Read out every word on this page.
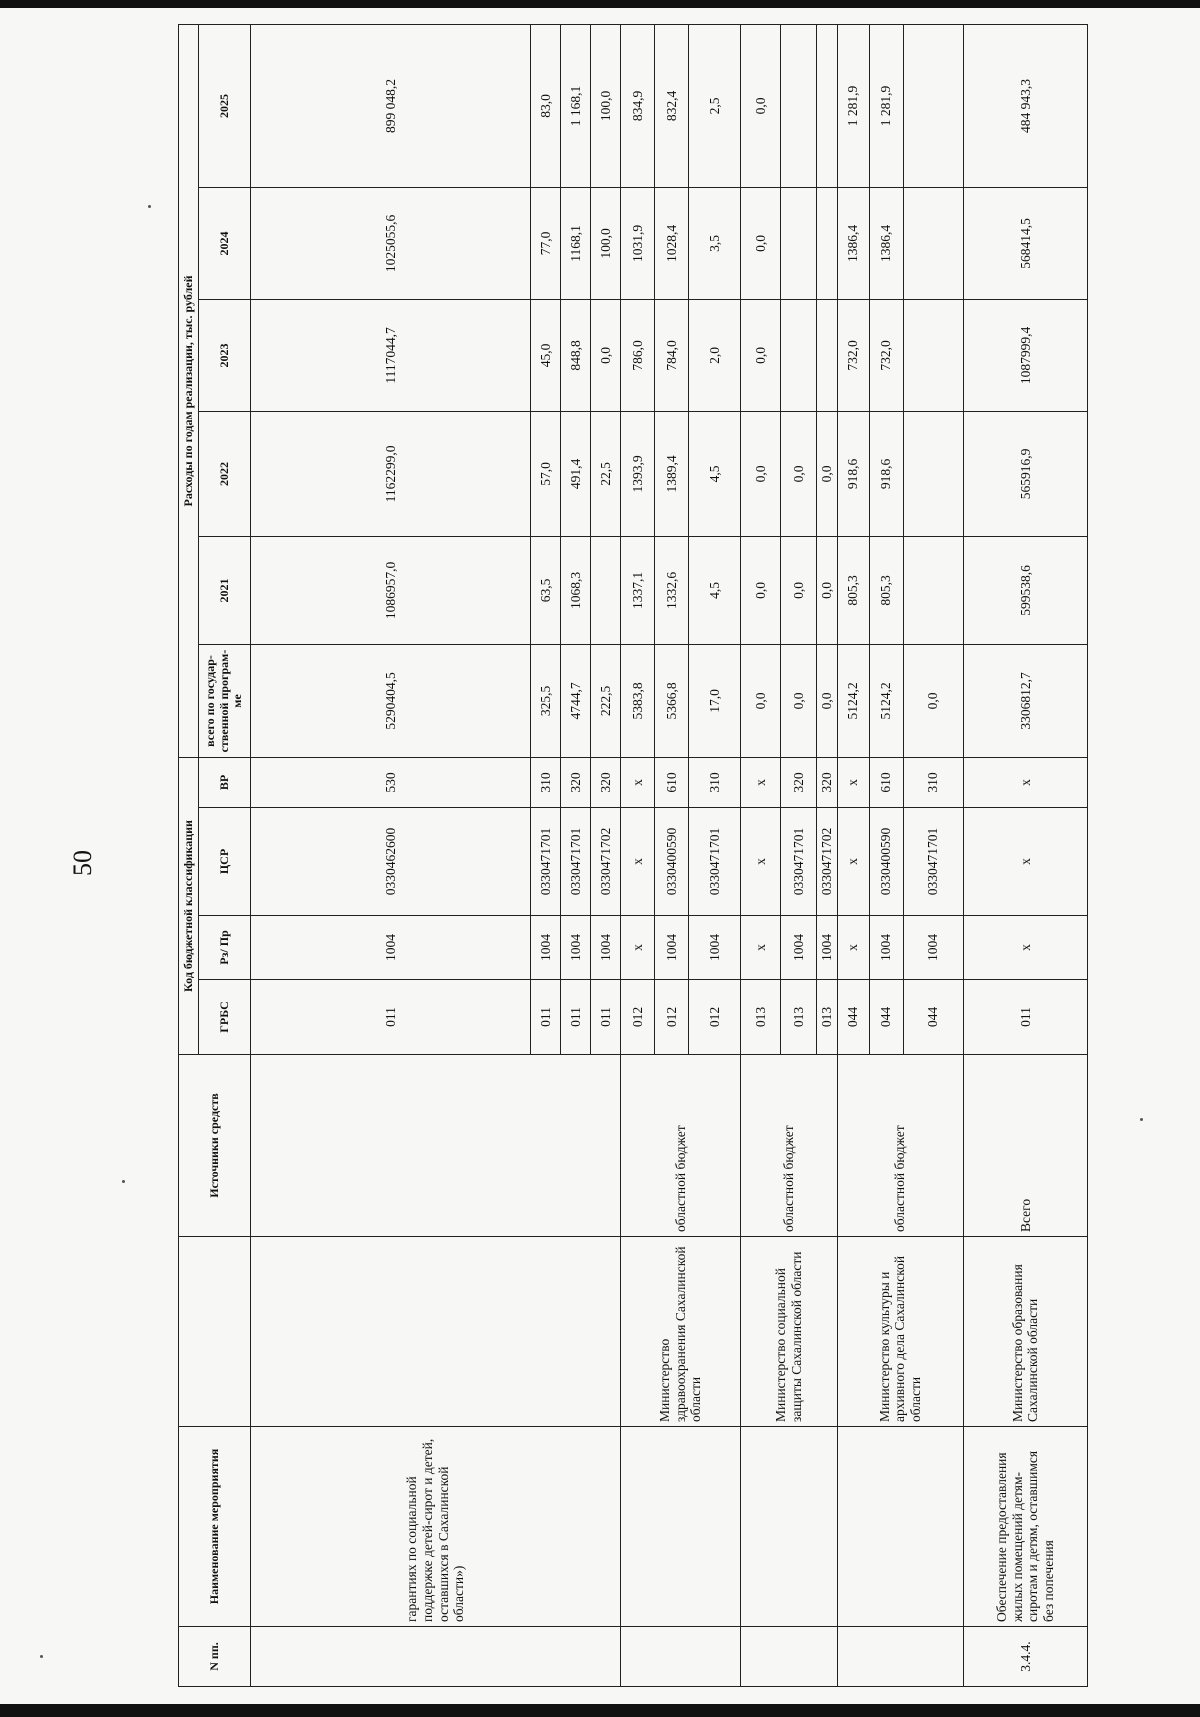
50
N пп.	Наименование мероприятия		Источники средств	Код бюджетной классификации				Расходы по годам реализации, тыс. рублей					
				ГРБС	Рз/ Пр	ЦСР	ВР	всего по государ-ственной програм-ме	2021	2022	2023	2024	2025
	гарантиях по социальной поддержке детей-сирот и детей, оставшихся в Сахалинской области»)			011	1004	0330462600	530	5290404,5	1086957,0	1162299,0	1117044,7	1025055,6	899 048,2
				011	1004	0330471701	310	325,5	63,5	57,0	45,0	77,0	83,0
				011	1004	0330471701	320	4744,7	1068,3	491,4	848,8	1168,1	1 168,1
				011	1004	0330471702	320	222,5		22,5	0,0	100,0	100,0
		Министерство здравоохранения Сахалинской области	областной бюджет	012	x	x	x	5383,8	1337,1	1393,9	786,0	1031,9	834,9
				012	1004	0330400590	610	5366,8	1332,6	1389,4	784,0	1028,4	832,4
				012	1004	0330471701	310	17,0	4,5	4,5	2,0	3,5	2,5
		Министерство социальной защиты Сахалинской области	областной бюджет	013	x	x	x	0,0	0,0	0,0	0,0	0,0	0,0
				013	1004	0330471701	320	0,0	0,0	0,0			
				013	1004	0330471702	320	0,0	0,0	0,0			
		Министерство культуры и архивного дела Сахалинской области	областной бюджет	044	x	x	x	5124,2	805,3	918,6	732,0	1386,4	1 281,9
				044	1004	0330400590	610	5124,2	805,3	918,6	732,0	1386,4	1 281,9
				044	1004	0330471701	310	0,0					
3.4.4.	Обеспечение предоставления жилых помещений детям-сиротам и детям, оставшимся без попечения	Министерство образования Сахалинской области	Всего	011	x	x	x	3306812,7	599538,6	565916,9	1087999,4	568414,5	484 943,3
